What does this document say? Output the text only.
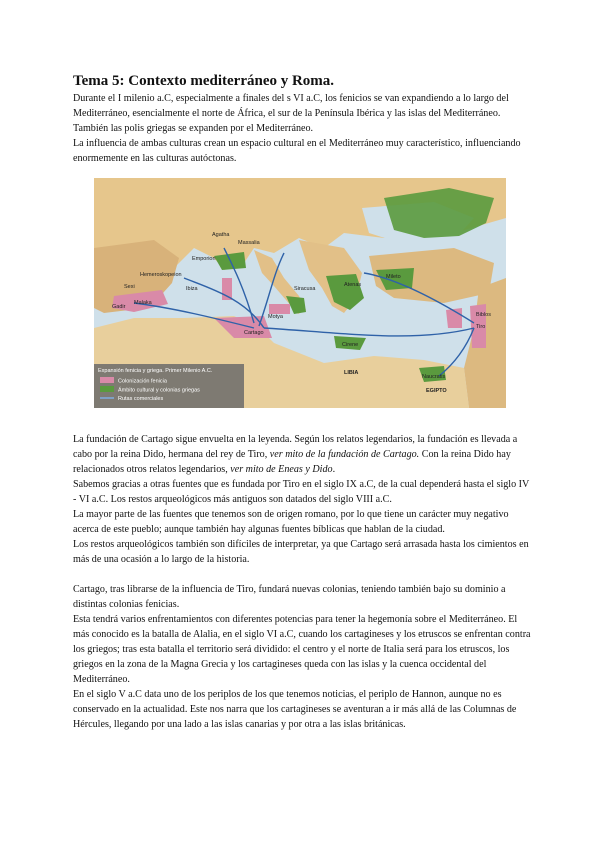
Tema 5: Contexto mediterráneo y Roma.

Durante el I milenio a.C, especialmente a finales del s VI a.C, los fenicios se van expandiendo a lo largo del Mediterráneo, esencialmente el norte de África, el sur de la Península Ibérica y las islas del Mediterráneo. También las polis griegas se expanden por el Mediterráneo.

La influencia de ambas culturas crean un espacio cultural en el Mediterráneo muy característico, influenciando enormemente en las culturas autóctonas.

Agatha
Massalia
Emporion
Hemeroskopeion
Sexi
Gadir
Malaka
Ibiza
Cartago
Motya
Siracusa
Atenas
Mileto
Tiro
Biblos
Naucratis
Cirene
LIBIA
EGIPTO
Expansión fenicia y griega. Primer Milenio A.C.
Colonización fenicia
Ámbito cultural y colonias griegas
Rutas comerciales

La fundación de Cartago sigue envuelta en la leyenda. Según los relatos legendarios, la fundación es llevada a cabo por la reina Dido, hermana del rey de Tiro, ver mito de la fundación de Cartago. Con la reina Dido hay relacionados otros relatos legendarios, ver mito de Eneas y Dido.

Sabemos gracias a otras fuentes que es fundada por Tiro en el siglo IX a.C, de la cual dependerá hasta el siglo IV - VI a.C. Los restos arqueológicos más antiguos son datados del siglo VIII a.C.

La mayor parte de las fuentes que tenemos son de origen romano, por lo que tiene un carácter muy negativo acerca de este pueblo; aunque también hay algunas fuentes bíblicas que hablan de la ciudad.

Los restos arqueológicos también son difíciles de interpretar, ya que Cartago será arrasada hasta los cimientos en más de una ocasión a lo largo de la historia.

Cartago, tras librarse de la influencia de Tiro, fundará nuevas colonias, teniendo también bajo su dominio a distintas colonias fenicias.

Esta tendrá varios enfrentamientos con diferentes potencias para tener la hegemonía sobre el Mediterráneo. El más conocido es la batalla de Alalia, en el siglo VI a.C, cuando los cartagineses y los etruscos se enfrentan contra los griegos; tras esta batalla el territorio será dividido: el centro y el norte de Italia será para los etruscos, los griegos en la zona de la Magna Grecia y los cartagineses queda con las islas y la cuenca occidental del Mediterráneo.

En el siglo V a.C data uno de los periplos de los que tenemos noticias, el periplo de Hannon, aunque no es conservado en la actualidad. Este nos narra que los cartagineses se aventuran a ir más allá de las Columnas de Hércules, llegando por una lado a las islas canarias y por otra a las islas británicas.
